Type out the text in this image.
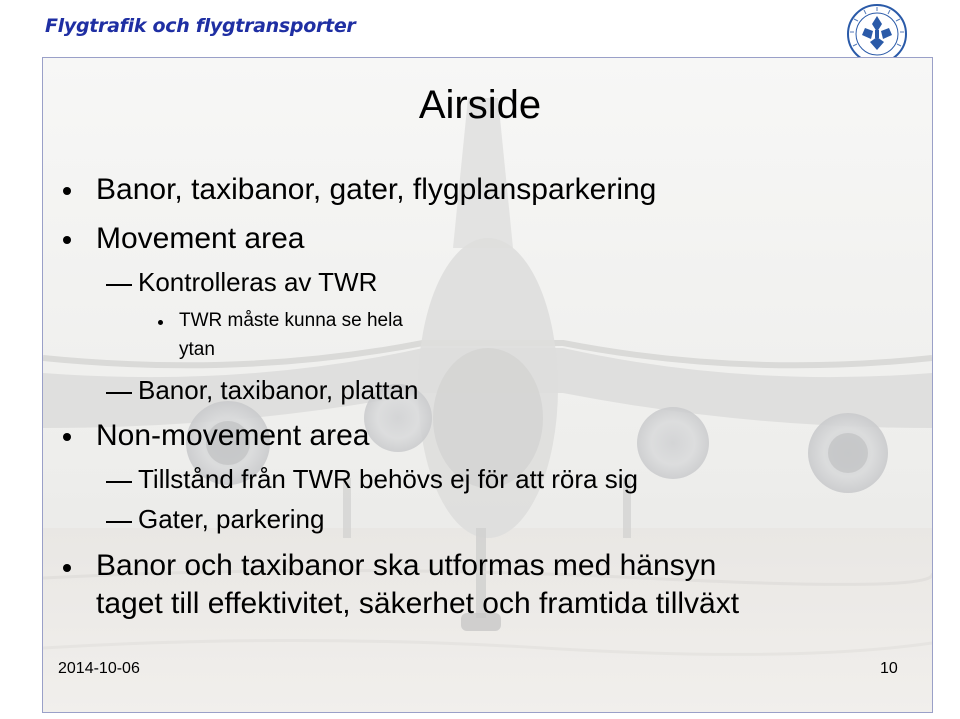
Flygtrafik och flygtransporter
Airside
Banor, taxibanor, gater, flygplansparkering
Movement area
Kontrolleras av TWR
TWR måste kunna se hela
ytan
Banor, taxibanor, plattan
Non-movement area
Tillstånd från TWR behövs ej för att röra sig
Gater, parkering
Banor och taxibanor ska utformas med hänsyn
taget till effektivitet, säkerhet och framtida tillväxt
2014-10-06	10
